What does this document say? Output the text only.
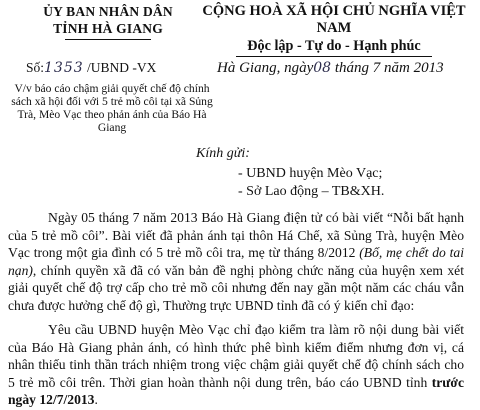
ỦY BAN NHÂN DÂN
TỈNH HÀ GIANG
CỘNG HOÀ XÃ HỘI CHỦ NGHĨA VIỆT NAM
Độc lập - Tự do - Hạnh phúc
Số:1353 /UBND -VX	Hà Giang, ngày08 tháng 7 năm 2013
V/v báo cáo chậm giải quyết chế độ chính sách xã hội đối với 5 trẻ mồ côi tại xã Sủng Trà, Mèo Vạc theo phản ánh của Báo Hà Giang
Kính gửi:
- UBND huyện Mèo Vạc;
- Sở Lao động – TB&XH.
Ngày 05 tháng 7 năm 2013 Báo Hà Giang điện tử có bài viết “Nỗi bất hạnh của 5 trẻ mồ côi”. Bài viết đã phản ánh tại thôn Há Chế, xã Sủng Trà, huyện Mèo Vạc trong một gia đình có 5 trẻ mồ côi tra, mẹ từ tháng 8/2012 (Bố, mẹ chết do tai nạn), chính quyền xã đã có văn bản đề nghị phòng chức năng của huyện xem xét giải quyết chế độ trợ cấp cho trẻ mồ côi nhưng đến nay gần một năm các cháu vẫn chưa được hưởng chế độ gì, Thường trực UBND tỉnh đã có ý kiến chỉ đạo:
Yêu cầu UBND huyện Mèo Vạc chỉ đạo kiểm tra làm rõ nội dung bài viết của Báo Hà Giang phản ánh, có hình thức phê bình kiểm điểm nhưng đơn vị, cá nhân thiếu tinh thần trách nhiệm trong việc chậm giải quyết chế độ chính sách cho 5 trẻ mồ côi trên. Thời gian hoàn thành nội dung trên, báo cáo UBND tỉnh trước ngày 12/7/2013.
